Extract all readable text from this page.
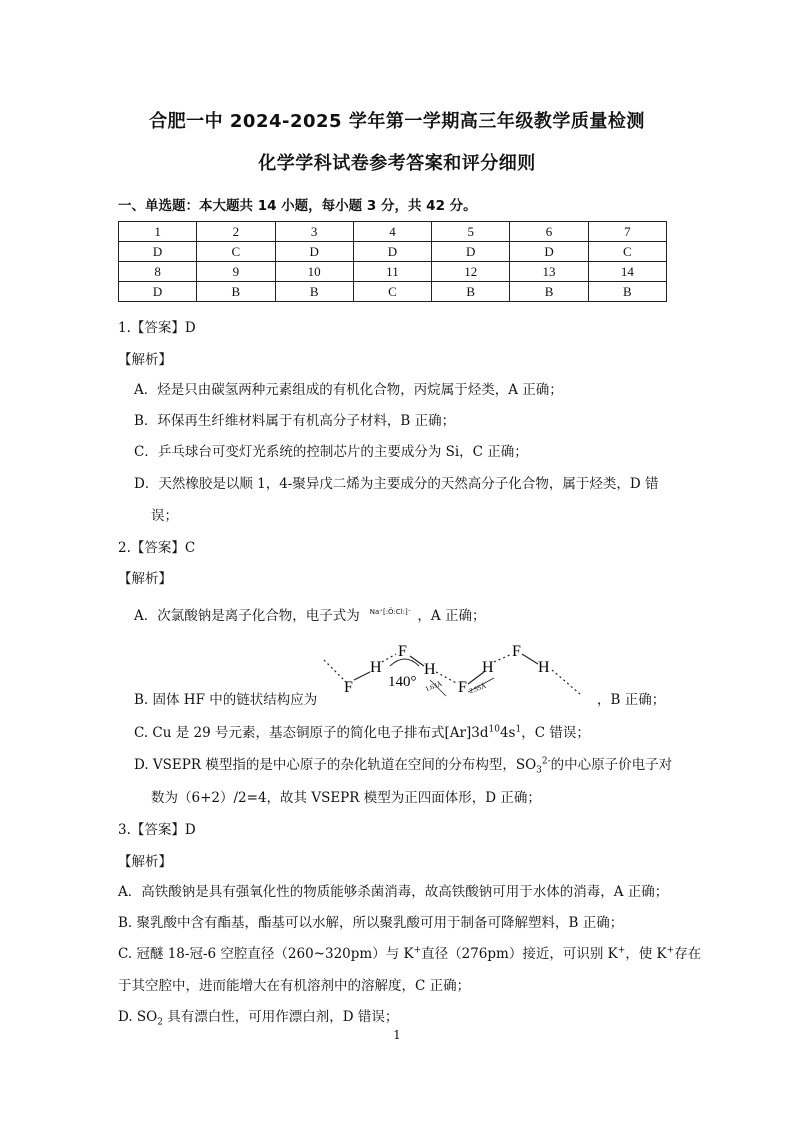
合肥一中 2024-2025 学年第一学期高三年级教学质量检测
化学学科试卷参考答案和评分细则
一、单选题：本大题共 14 小题，每小题 3 分，共 42 分。
1	2	3	4	5	6	7
D	C	D	D	D	D	C
8	9	10	11	12	13	14
D	B	B	C	B	B	B
1.【答案】D
【解析】
A．烃是只由碳氢两种元素组成的有机化合物，丙烷属于烃类，A 正确；
B．环保再生纤维材料属于有机高分子材料，B 正确；
C．乒乓球台可变灯光系统的控制芯片的主要成分为 Si，C 正确；
D．天然橡胶是以顺 1，4-聚异戊二烯为主要成分的天然高分子化合物，属于烃类，D 错
误；
2.【答案】C
【解析】
A．次氯酸钠是离子化合物，电子式为 Na⁺[:Ö:Cl:]⁻ ，A 正确；
F
H
F
140°
H
1.63Å F 2.55Å
H
F
H
B. 固体 HF 中的链状结构应为	，B 正确；
C. Cu 是 29 号元素，基态铜原子的简化电子排布式$[Ar]3d^{10}4s^1$，C 错误；
D. VSEPR 模型指的是中心原子的杂化轨道在空间的分布构型，$SO_3^{2-}$的中心原子价电子对
数为（6+2）/2=4，故其 VSEPR 模型为正四面体形，D 正确；
3.【答案】D
【解析】
A．高铁酸钠是具有强氧化性的物质能够杀菌消毒，故高铁酸钠可用于水体的消毒，A 正确；
B. 聚乳酸中含有酯基，酯基可以水解，所以聚乳酸可用于制备可降解塑料，B 正确；
C. 冠醚 18-冠-6 空腔直径（260~320pm）与 K+直径（276pm）接近，可识别 K+，使 K+存在
于其空腔中，进而能增大在有机溶剂中的溶解度，C 正确；
D. $SO_2$ 具有漂白性，可用作漂白剂，D 错误；
1
